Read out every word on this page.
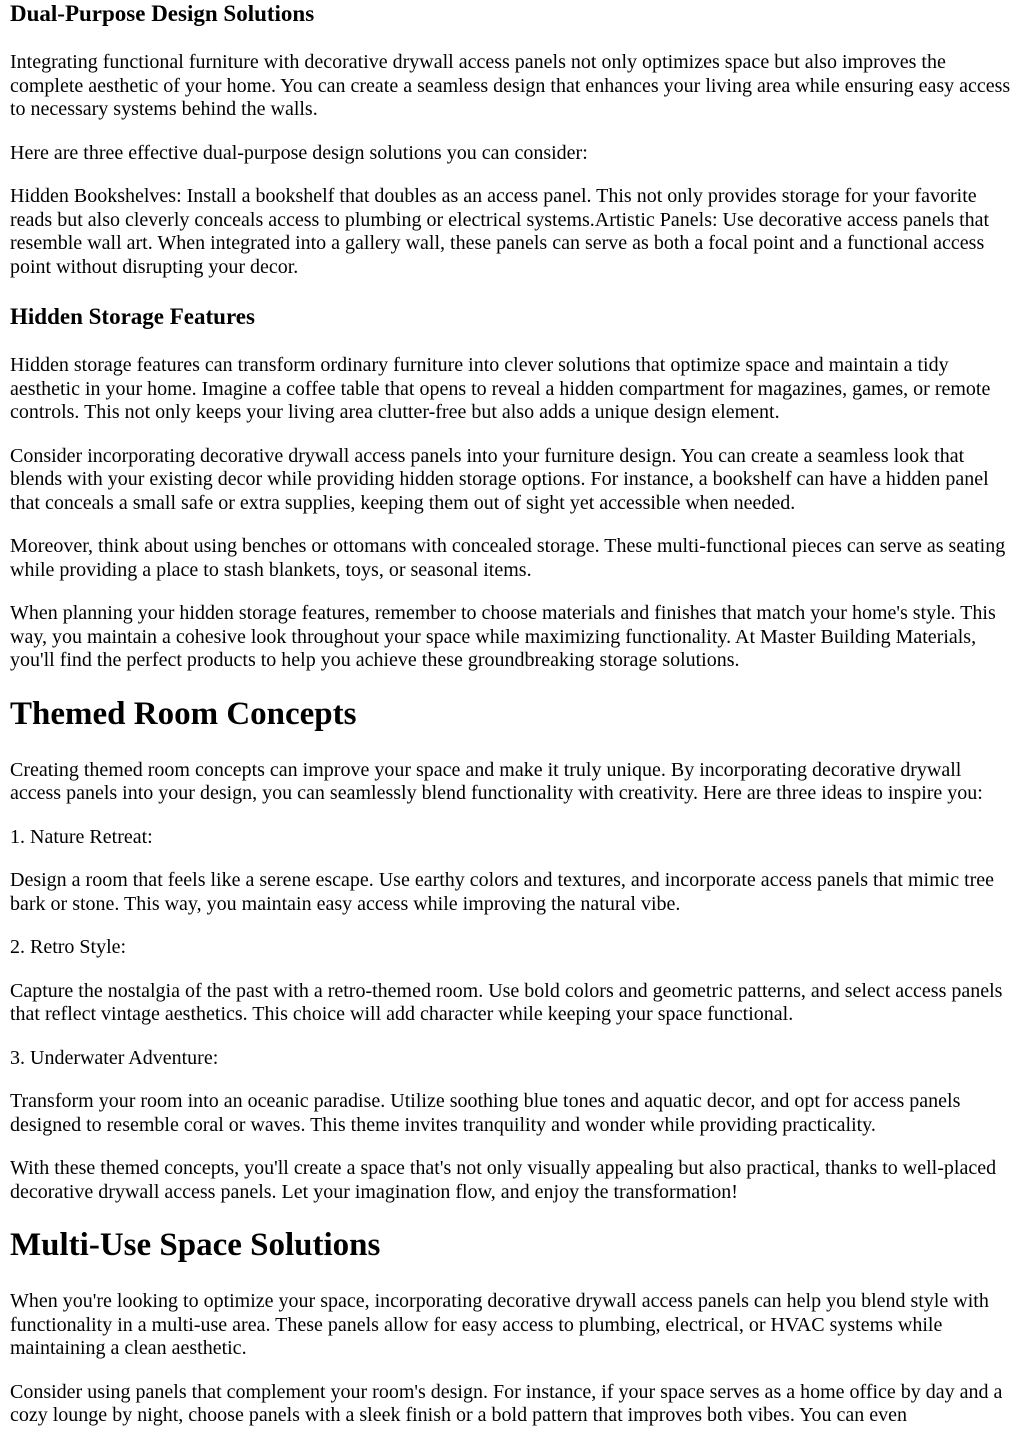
Dual-Purpose Design Solutions

Integrating functional furniture with decorative drywall access panels not only optimizes space but also improves the complete aesthetic of your home. You can create a seamless design that enhances your living area while ensuring easy access to necessary systems behind the walls.

Here are three effective dual-purpose design solutions you can consider:

Hidden Bookshelves: Install a bookshelf that doubles as an access panel. This not only provides storage for your favorite reads but also cleverly conceals access to plumbing or electrical systems.Artistic Panels: Use decorative access panels that resemble wall art. When integrated into a gallery wall, these panels can serve as both a focal point and a functional access point without disrupting your decor.

Hidden Storage Features

Hidden storage features can transform ordinary furniture into clever solutions that optimize space and maintain a tidy aesthetic in your home. Imagine a coffee table that opens to reveal a hidden compartment for magazines, games, or remote controls. This not only keeps your living area clutter-free but also adds a unique design element.

Consider incorporating decorative drywall access panels into your furniture design. You can create a seamless look that blends with your existing decor while providing hidden storage options. For instance, a bookshelf can have a hidden panel that conceals a small safe or extra supplies, keeping them out of sight yet accessible when needed.

Moreover, think about using benches or ottomans with concealed storage. These multi-functional pieces can serve as seating while providing a place to stash blankets, toys, or seasonal items.

When planning your hidden storage features, remember to choose materials and finishes that match your home's style. This way, you maintain a cohesive look throughout your space while maximizing functionality. At Master Building Materials, you'll find the perfect products to help you achieve these groundbreaking storage solutions.

Themed Room Concepts

Creating themed room concepts can improve your space and make it truly unique. By incorporating decorative drywall access panels into your design, you can seamlessly blend functionality with creativity. Here are three ideas to inspire you:

1. Nature Retreat:

Design a room that feels like a serene escape. Use earthy colors and textures, and incorporate access panels that mimic tree bark or stone. This way, you maintain easy access while improving the natural vibe.

2. Retro Style:

Capture the nostalgia of the past with a retro-themed room. Use bold colors and geometric patterns, and select access panels that reflect vintage aesthetics. This choice will add character while keeping your space functional.

3. Underwater Adventure:

Transform your room into an oceanic paradise. Utilize soothing blue tones and aquatic decor, and opt for access panels designed to resemble coral or waves. This theme invites tranquility and wonder while providing practicality.

With these themed concepts, you'll create a space that's not only visually appealing but also practical, thanks to well-placed decorative drywall access panels. Let your imagination flow, and enjoy the transformation!

Multi-Use Space Solutions

When you're looking to optimize your space, incorporating decorative drywall access panels can help you blend style with functionality in a multi-use area. These panels allow for easy access to plumbing, electrical, or HVAC systems while maintaining a clean aesthetic.

Consider using panels that complement your room's design. For instance, if your space serves as a home office by day and a cozy lounge by night, choose panels with a sleek finish or a bold pattern that improves both vibes. You can even
